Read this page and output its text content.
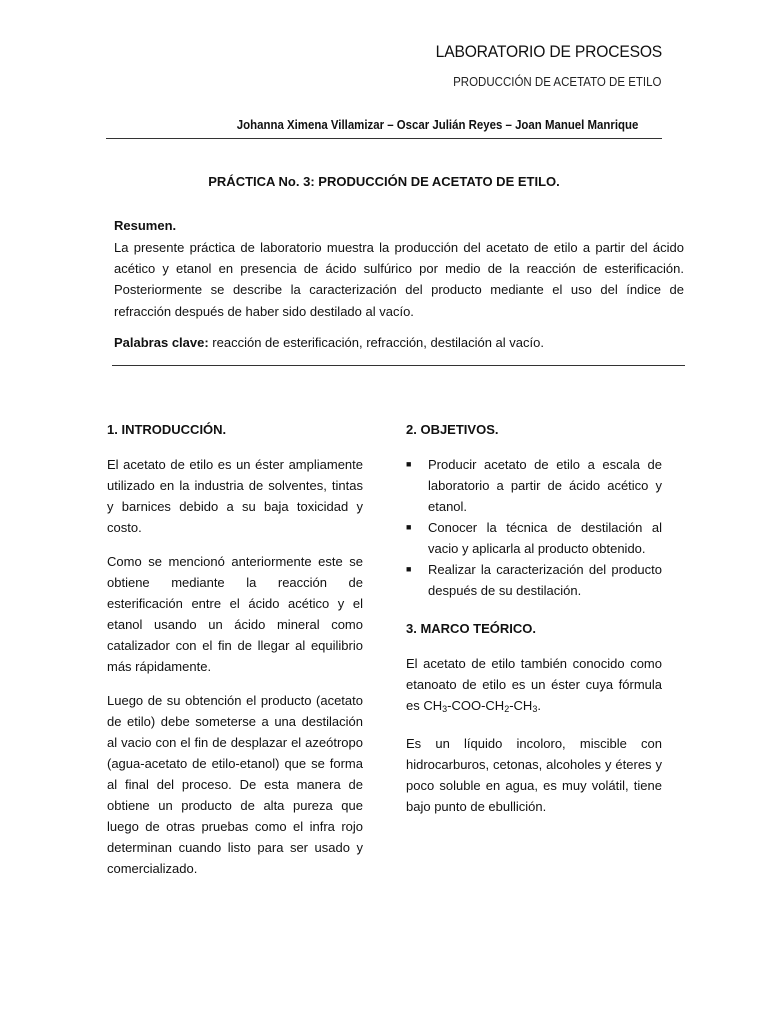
LABORATORIO DE PROCESOS
PRODUCCIÓN DE ACETATO DE ETILO
Johanna Ximena Villamizar – Oscar Julián Reyes – Joan Manuel Manrique
PRÁCTICA No. 3: PRODUCCIÓN DE ACETATO DE ETILO.
Resumen.
La presente práctica de laboratorio muestra la producción del acetato de etilo a partir del ácido acético y etanol en presencia de ácido sulfúrico por medio de la reacción de esterificación. Posteriormente se describe la caracterización del producto mediante el uso del índice de refracción después de haber sido destilado al vacío.
Palabras clave: reacción de esterificación, refracción, destilación al vacío.
1. INTRODUCCIÓN.

El acetato de etilo es un éster ampliamente utilizado en la industria de solventes, tintas y barnices debido a su baja toxicidad y costo.

Como se mencionó anteriormente este se obtiene mediante la reacción de esterificación entre el ácido acético y el etanol usando un ácido mineral como catalizador con el fin de llegar al equilibrio más rápidamente.

Luego de su obtención el producto (acetato de etilo) debe someterse a una destilación al vacio con el fin de desplazar el azeótropo (agua-acetato de etilo-etanol) que se forma al final del proceso. De esta manera de obtiene un producto de alta pureza que luego de otras pruebas como el infra rojo determinan cuando listo para ser usado y comercializado.

2. OBJETIVOS.
■ Producir acetato de etilo a escala de laboratorio a partir de ácido acético y etanol.
■ Conocer la técnica de destilación al vacio y aplicarla al producto obtenido.
■ Realizar la caracterización del producto después de su destilación.
3. MARCO TEÓRICO.

El acetato de etilo también conocido como etanoato de etilo es un éster cuya fórmula es $CH_3-COO-CH_2-CH_3$.

Es un líquido incoloro, miscible con hidrocarburos, cetonas, alcoholes y éteres y poco soluble en agua, es muy volátil, tiene bajo punto de ebullición.
